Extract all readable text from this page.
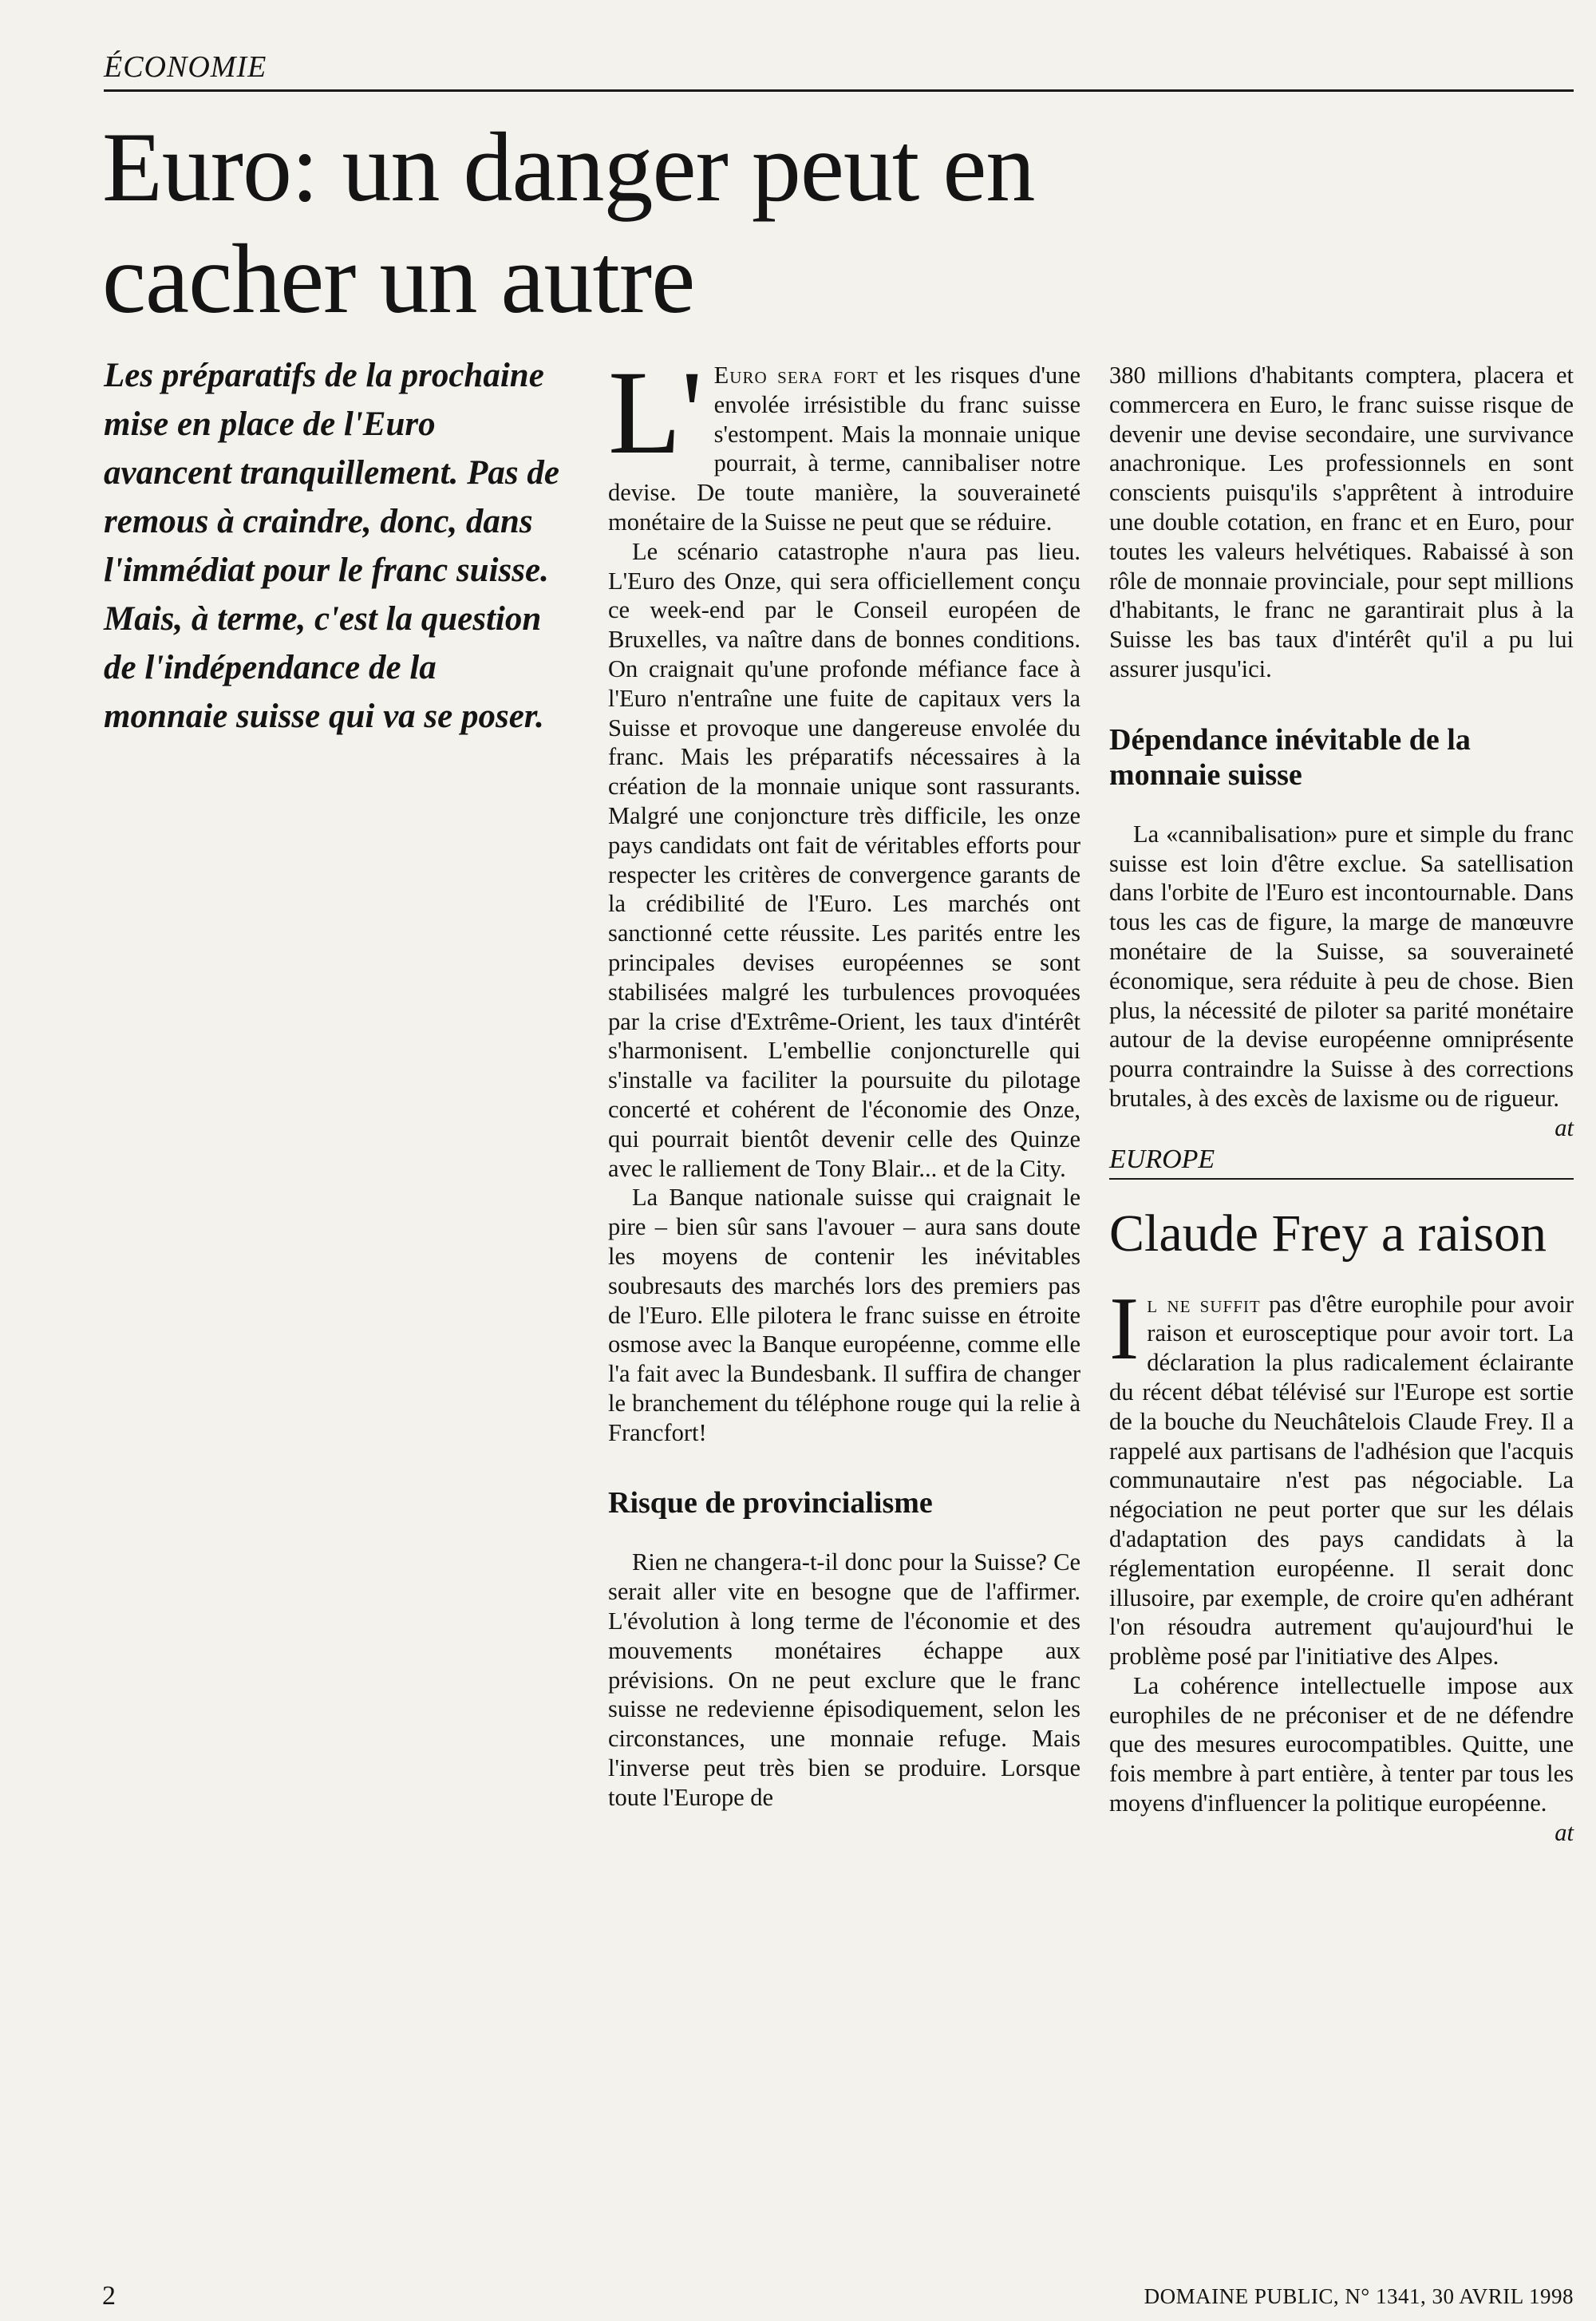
ÉCONOMIE
Euro: un danger peut en cacher un autre

Les préparatifs de la prochaine mise en place de l'Euro avancent tranquillement. Pas de remous à craindre, donc, dans l'immédiat pour le franc suisse. Mais, à terme, c'est la question de l'indépendance de la monnaie suisse qui va se poser.

L' Euro sera fort et les risques d'une envolée irrésistible du franc suisse s'estompent. Mais la monnaie unique pourrait, à terme, cannibaliser notre devise. De toute manière, la souveraineté monétaire de la Suisse ne peut que se réduire.

Le scénario catastrophe n'aura pas lieu. L'Euro des Onze, qui sera officiellement conçu ce week-end par le Conseil européen de Bruxelles, va naître dans de bonnes conditions. On craignait qu'une profonde méfiance face à l'Euro n'entraîne une fuite de capitaux vers la Suisse et provoque une dangereuse envolée du franc. Mais les préparatifs nécessaires à la création de la monnaie unique sont rassurants. Malgré une conjoncture très difficile, les onze pays candidats ont fait de véritables efforts pour respecter les critères de convergence garants de la crédibilité de l'Euro. Les marchés ont sanctionné cette réussite. Les parités entre les principales devises européennes se sont stabilisées malgré les turbulences provoquées par la crise d'Extrême-Orient, les taux d'intérêt s'harmonisent. L'embellie conjoncturelle qui s'installe va faciliter la poursuite du pilotage concerté et cohérent de l'économie des Onze, qui pourrait bientôt devenir celle des Quinze avec le ralliement de Tony Blair... et de la City.

La Banque nationale suisse qui craignait le pire – bien sûr sans l'avouer – aura sans doute les moyens de contenir les inévitables soubresauts des marchés lors des premiers pas de l'Euro. Elle pilotera le franc suisse en étroite osmose avec la Banque européenne, comme elle l'a fait avec la Bundesbank. Il suffira de changer le branchement du téléphone rouge qui la relie à Francfort!

Risque de provincialisme

Rien ne changera-t-il donc pour la Suisse? Ce serait aller vite en besogne que de l'affirmer. L'évolution à long terme de l'économie et des mouvements monétaires échappe aux prévisions. On ne peut exclure que le franc suisse ne redevienne épisodiquement, selon les circonstances, une monnaie refuge. Mais l'inverse peut très bien se produire. Lorsque toute l'Europe de

380 millions d'habitants comptera, placera et commercera en Euro, le franc suisse risque de devenir une devise secondaire, une survivance anachronique. Les professionnels en sont conscients puisqu'ils s'apprêtent à introduire une double cotation, en franc et en Euro, pour toutes les valeurs helvétiques. Rabaissé à son rôle de monnaie provinciale, pour sept millions d'habitants, le franc ne garantirait plus à la Suisse les bas taux d'intérêt qu'il a pu lui assurer jusqu'ici.

Dépendance inévitable de la monnaie suisse

La «cannibalisation» pure et simple du franc suisse est loin d'être exclue. Sa satellisation dans l'orbite de l'Euro est incontournable. Dans tous les cas de figure, la marge de manœuvre monétaire de la Suisse, sa souveraineté économique, sera réduite à peu de chose. Bien plus, la nécessité de piloter sa parité monétaire autour de la devise européenne omniprésente pourra contraindre la Suisse à des corrections brutales, à des excès de laxisme ou de rigueur.
at

EUROPE
Claude Frey a raison

Il ne suffit pas d'être europhile pour avoir raison et eurosceptique pour avoir tort. La déclaration la plus radicalement éclairante du récent débat télévisé sur l'Europe est sortie de la bouche du Neuchâtelois Claude Frey. Il a rappelé aux partisans de l'adhésion que l'acquis communautaire n'est pas négociable. La négociation ne peut porter que sur les délais d'adaptation des pays candidats à la réglementation européenne. Il serait donc illusoire, par exemple, de croire qu'en adhérant l'on résoudra autrement qu'aujourd'hui le problème posé par l'initiative des Alpes.

La cohérence intellectuelle impose aux europhiles de ne préconiser et de ne défendre que des mesures eurocompatibles. Quitte, une fois membre à part entière, à tenter par tous les moyens d'influencer la politique européenne.
at

2	DOMAINE PUBLIC, N° 1341, 30 AVRIL 1998
